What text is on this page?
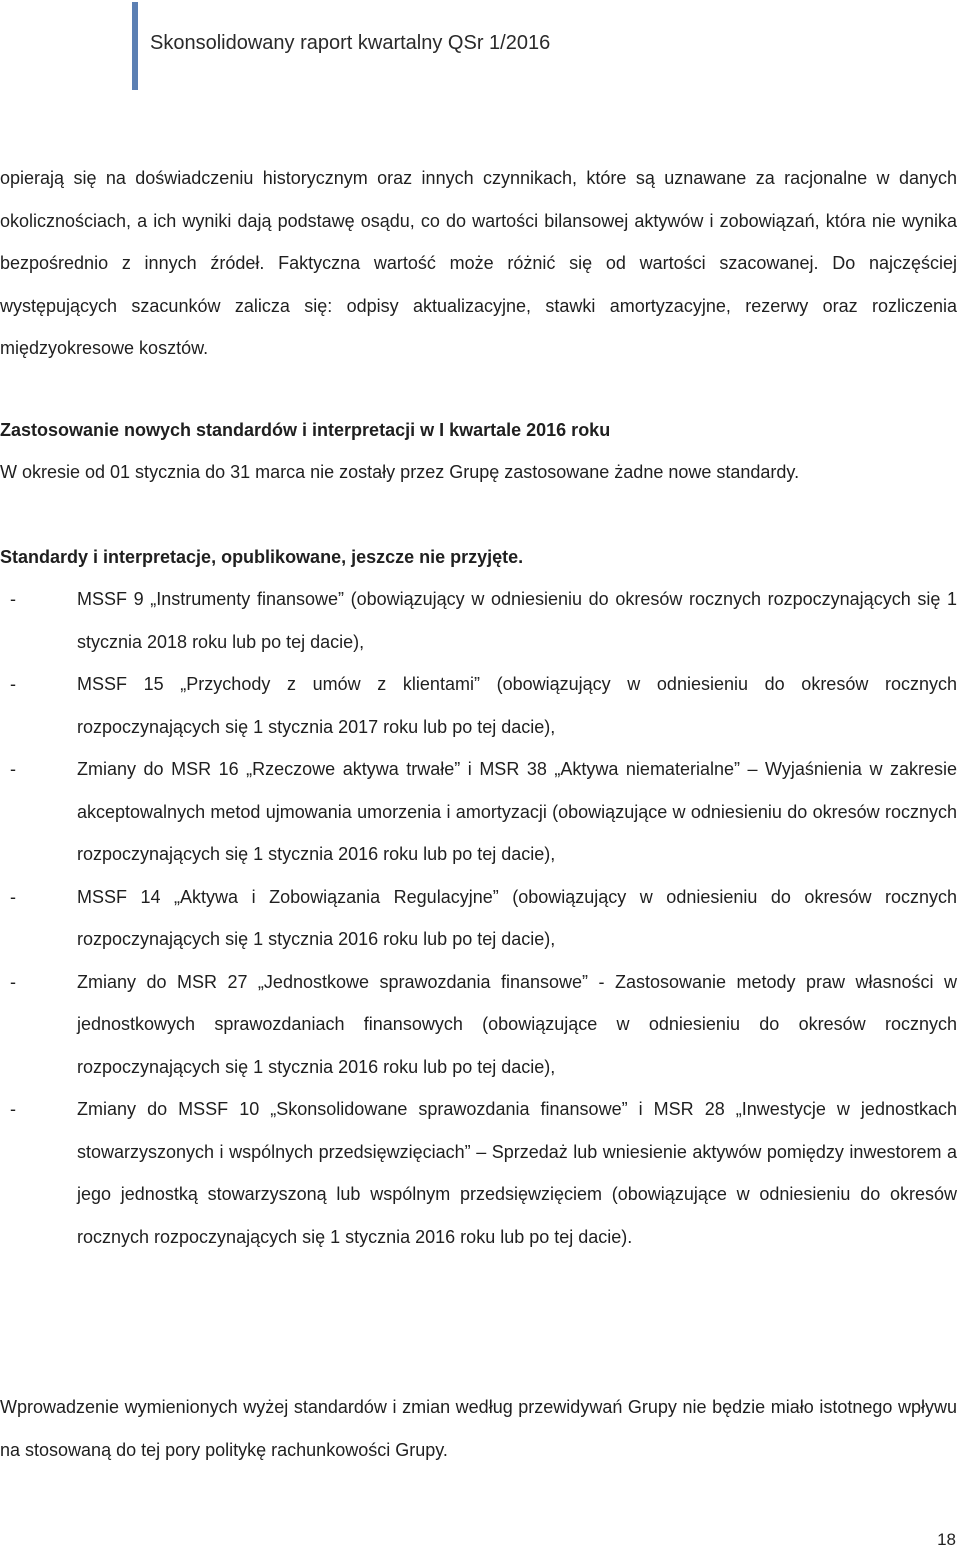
Skonsolidowany raport kwartalny QSr 1/2016

opierają się na doświadczeniu historycznym oraz innych czynnikach, które są uznawane za racjonalne w danych okolicznościach, a ich wyniki dają podstawę osądu, co do wartości bilansowej aktywów i zobowiązań, która nie wynika bezpośrednio z innych źródeł. Faktyczna wartość może różnić się od wartości szacowanej. Do najczęściej występujących szacunków zalicza się: odpisy aktualizacyjne, stawki amortyzacyjne, rezerwy oraz rozliczenia międzyokresowe kosztów.

Zastosowanie nowych standardów i interpretacji w I kwartale 2016 roku
W okresie od 01 stycznia do 31 marca nie zostały przez Grupę zastosowane żadne nowe standardy.
Standardy i interpretacje, opublikowane, jeszcze nie przyjęte.
-	MSSF 9 „Instrumenty finansowe” (obowiązujący w odniesieniu do okresów rocznych rozpoczynających się 1 stycznia 2018 roku lub po tej dacie),
-	MSSF 15 „Przychody z umów z klientami” (obowiązujący w odniesieniu do okresów rocznych rozpoczynających się 1 stycznia 2017 roku lub po tej dacie),
-	Zmiany do MSR 16 „Rzeczowe aktywa trwałe” i MSR 38 „Aktywa niematerialne” – Wyjaśnienia w zakresie akceptowalnych metod ujmowania umorzenia i amortyzacji (obowiązujące w odniesieniu do okresów rocznych rozpoczynających się 1 stycznia 2016 roku lub po tej dacie),
-	MSSF 14 „Aktywa i Zobowiązania Regulacyjne” (obowiązujący w odniesieniu do okresów rocznych rozpoczynających się 1 stycznia 2016 roku lub po tej dacie),
-	Zmiany do MSR 27 „Jednostkowe sprawozdania finansowe” - Zastosowanie metody praw własności w jednostkowych sprawozdaniach finansowych (obowiązujące w odniesieniu do okresów rocznych rozpoczynających się 1 stycznia 2016 roku lub po tej dacie),
-	Zmiany do MSSF 10 „Skonsolidowane sprawozdania finansowe” i MSR 28 „Inwestycje w jednostkach stowarzyszonych i wspólnych przedsięwzięciach” – Sprzedaż lub wniesienie aktywów pomiędzy inwestorem a jego jednostką stowarzyszoną lub wspólnym przedsięwzięciem (obowiązujące w odniesieniu do okresów rocznych rozpoczynających się 1 stycznia 2016 roku lub po tej dacie).

Wprowadzenie wymienionych wyżej standardów i zmian według przewidywań Grupy nie będzie miało istotnego wpływu na stosowaną do tej pory politykę rachunkowości Grupy.

18
